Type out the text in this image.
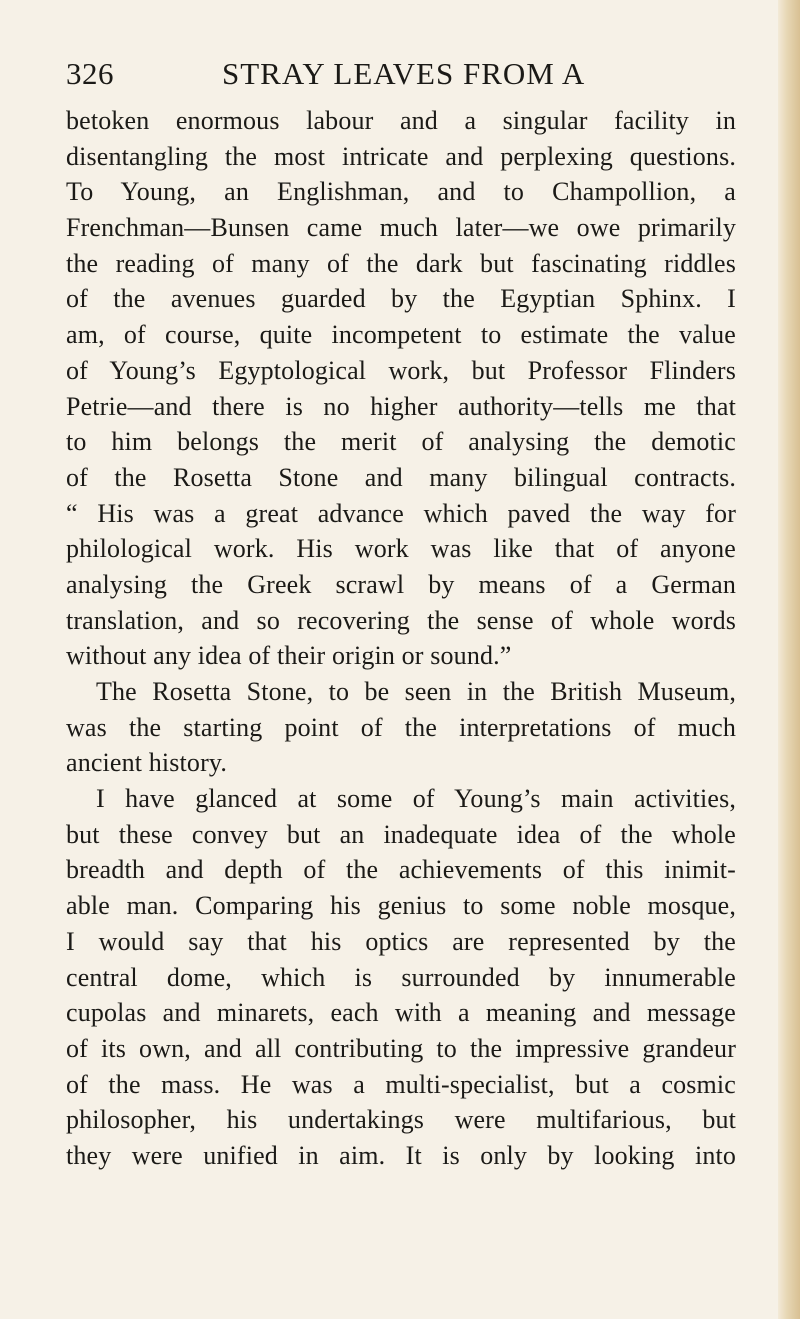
326	STRAY LEAVES FROM A
betoken enormous labour and a singular facility in
disentangling the most intricate and perplexing questions.
To Young, an Englishman, and to Champollion, a
Frenchman—Bunsen came much later—we owe primarily
the reading of many of the dark but fascinating riddles
of the avenues guarded by the Egyptian Sphinx. I
am, of course, quite incompetent to estimate the value
of Young’s Egyptological work, but Professor Flinders
Petrie—and there is no higher authority—tells me that
to him belongs the merit of analysing the demotic
of the Rosetta Stone and many bilingual contracts.
“ His was a great advance which paved the way for
philological work. His work was like that of anyone
analysing the Greek scrawl by means of a German
translation, and so recovering the sense of whole words
without any idea of their origin or sound.”
The Rosetta Stone, to be seen in the British Museum,
was the starting point of the interpretations of much
ancient history.
I have glanced at some of Young’s main activities,
but these convey but an inadequate idea of the whole
breadth and depth of the achievements of this inimit-
able man. Comparing his genius to some noble mosque,
I would say that his optics are represented by the
central dome, which is surrounded by innumerable
cupolas and minarets, each with a meaning and message
of its own, and all contributing to the impressive grandeur
of the mass. He was a multi-specialist, but a cosmic
philosopher, his undertakings were multifarious, but
they were unified in aim. It is only by looking into
